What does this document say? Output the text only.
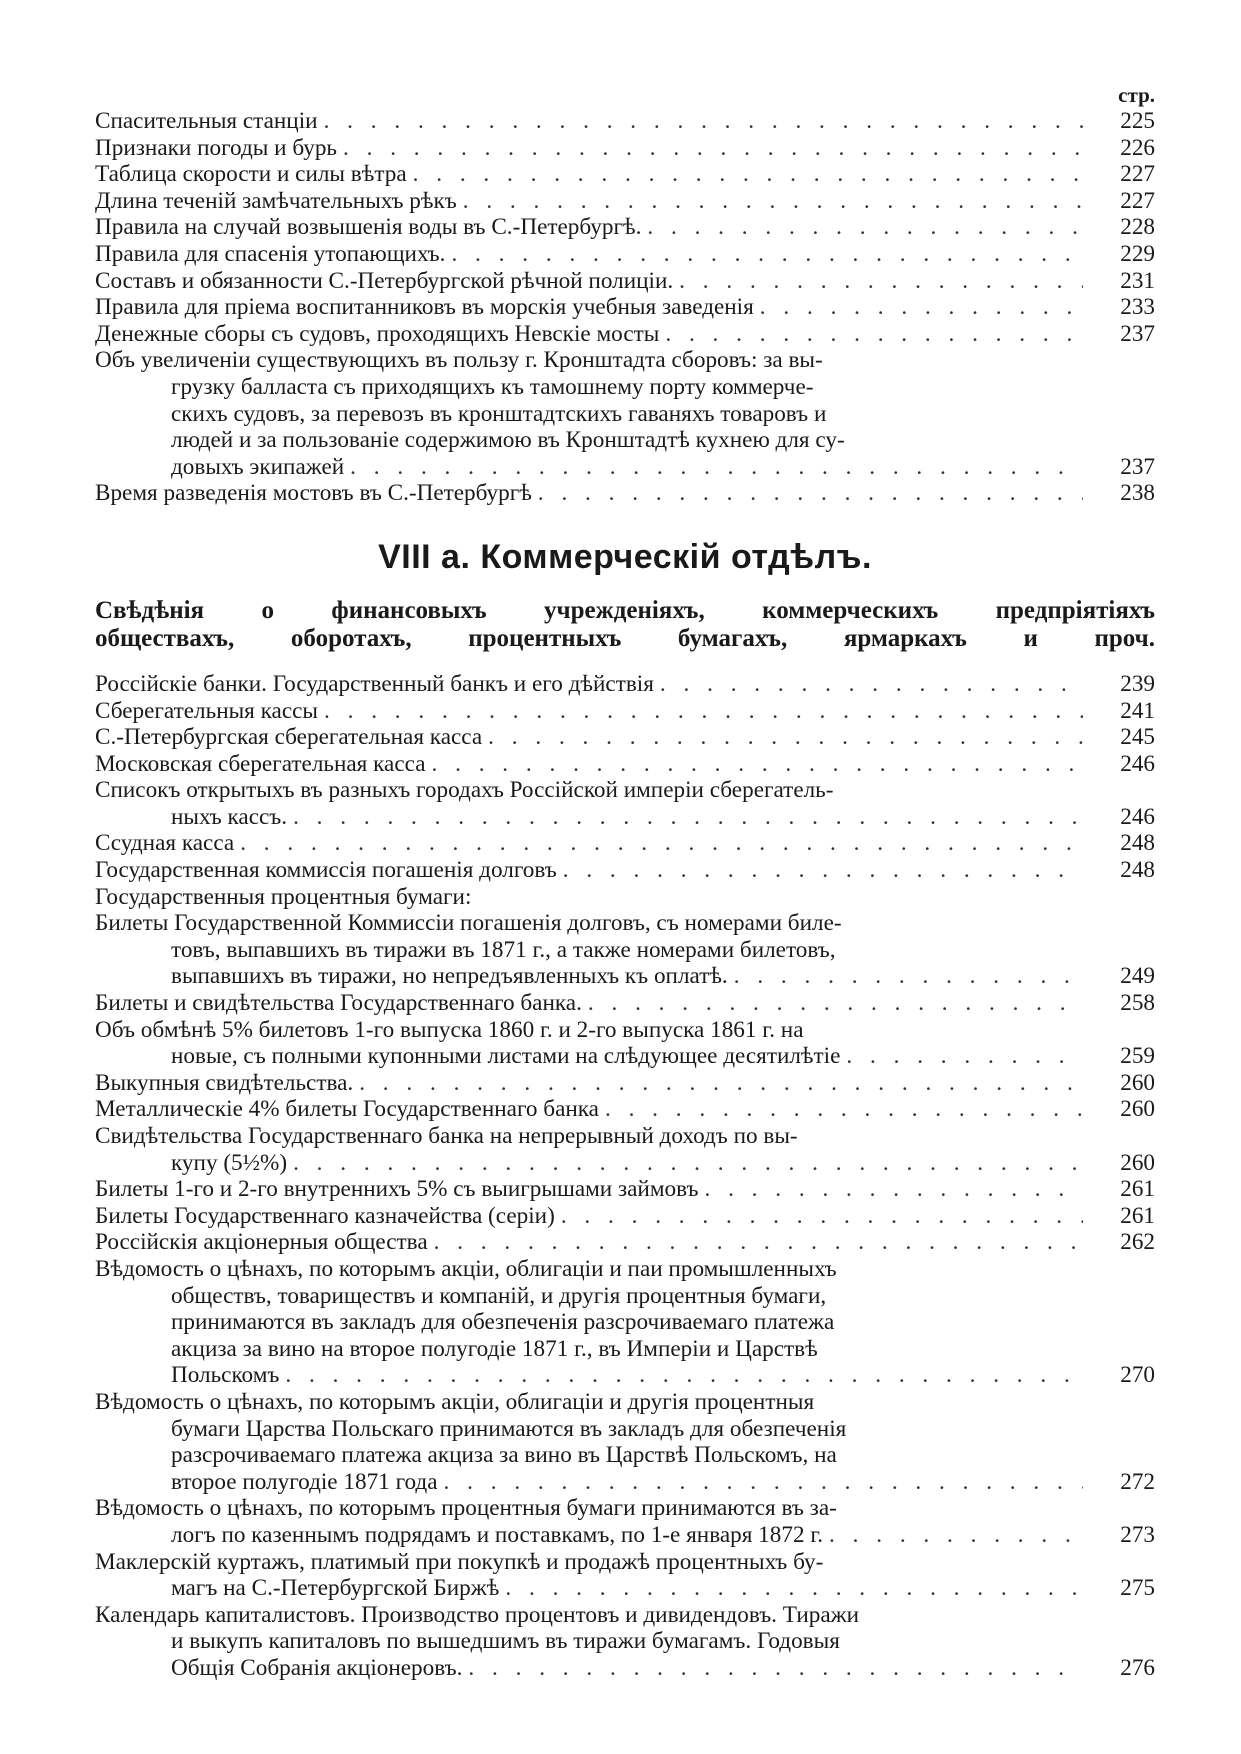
стр.
Спасительныя станціи . . .	225
Признаки погоды и бурь . . .	226
Таблица скорости и силы вѣтра . . .	227
Длина теченій замѣчательныхъ рѣкъ . . .	227
Правила на случай возвышенія воды въ С.-Петербургѣ. . . .	228
Правила для спасенія утопающихъ. . . .	229
Составъ и обязанности С.-Петербургской рѣчной полиціи. . . .	231
Правила для пріема воспитанниковъ въ морскія учебныя заведенія . . .	233
Денежные сборы съ судовъ, проходящихъ Невскіе мосты . . .	237
Объ увеличеніи существующихъ въ пользу г. Кронштадта сборовъ: за вы-
грузку балласта съ приходящихъ къ тамошнему порту коммерче-
скихъ судовъ, за перевозъ въ кронштадтскихъ гаваняхъ товаровъ и
людей и за пользованіе содержимою въ Кронштадтѣ кухнею для су-
довыхъ экипажей . . .	237
Время разведенія мостовъ въ С.-Петербургѣ . . .	238
VIII а. Коммерческій отдѣлъ.
Свѣдѣнія о финансовыхъ учрежденіяхъ, коммерческихъ предпріятіяхъ
обществахъ, оборотахъ, процентныхъ бумагахъ, ярмаркахъ и проч.
Россійскіе банки. Государственный банкъ и его дѣйствія . . .	239
Сберегательныя кассы . . .	241
С.-Петербургская сберегательная касса . . .	245
Московская сберегательная касса . . .	246
Списокъ открытыхъ въ разныхъ городахъ Россійской имперіи сберегатель-
ныхъ кассъ. . . .	246
Ссудная касса . . .	248
Государственная коммиссія погашенія долговъ . . .	248
Государственныя процентныя бумаги:
Билеты Государственной Коммиссіи погашенія долговъ, съ номерами биле-
товъ, выпавшихъ въ тиражи въ 1871 г., а также номерами билетовъ,
выпавшихъ въ тиражи, но непредъявленныхъ къ оплатѣ. . . .	249
Билеты и свидѣтельства Государственнаго банка. . . .	258
Объ обмѣнѣ 5% билетовъ 1-го выпуска 1860 г. и 2-го выпуска 1861 г. на
новые, съ полными купонными листами на слѣдующее десятилѣтіе . . .	259
Выкупныя свидѣтельства. . . .	260
Металлическіе 4% билеты Государственнаго банка . . .	260
Свидѣтельства Государственнаго банка на непрерывный доходъ по вы-
купу (5½%) . . .	260
Билеты 1-го и 2-го внутреннихъ 5% съ выигрышами займовъ . . .	261
Билеты Государственнаго казначейства (серіи) . . .	261
Россійскія акціонерныя общества . . .	262
Вѣдомость о цѣнахъ, по которымъ акціи, облигаціи и паи промышленныхъ
обществъ, товариществъ и компаній, и другія процентныя бумаги,
принимаются въ закладъ для обезпеченія разсрочиваемаго платежа
акциза за вино на второе полугодіе 1871 г., въ Имперіи и Царствѣ
Польскомъ . . .	270
Вѣдомость о цѣнахъ, по которымъ акціи, облигаціи и другія процентныя
бумаги Царства Польскаго принимаются въ закладъ для обезпеченія
разсрочиваемаго платежа акциза за вино въ Царствѣ Польскомъ, на
второе полугодіе 1871 года . . .	272
Вѣдомость о цѣнахъ, по которымъ процентныя бумаги принимаются въ за-
логъ по казеннымъ подрядамъ и поставкамъ, по 1-е января 1872 г. . . .	273
Маклерскій куртажъ, платимый при покупкѣ и продажѣ процентныхъ бу-
магъ на С.-Петербургской Биржѣ . . .	275
Календарь капиталистовъ. Производство процентовъ и дивидендовъ. Тиражи
и выкупъ капиталовъ по вышедшимъ въ тиражи бумагамъ. Годовыя
Общія Собранія акціонеровъ. . . .	276
